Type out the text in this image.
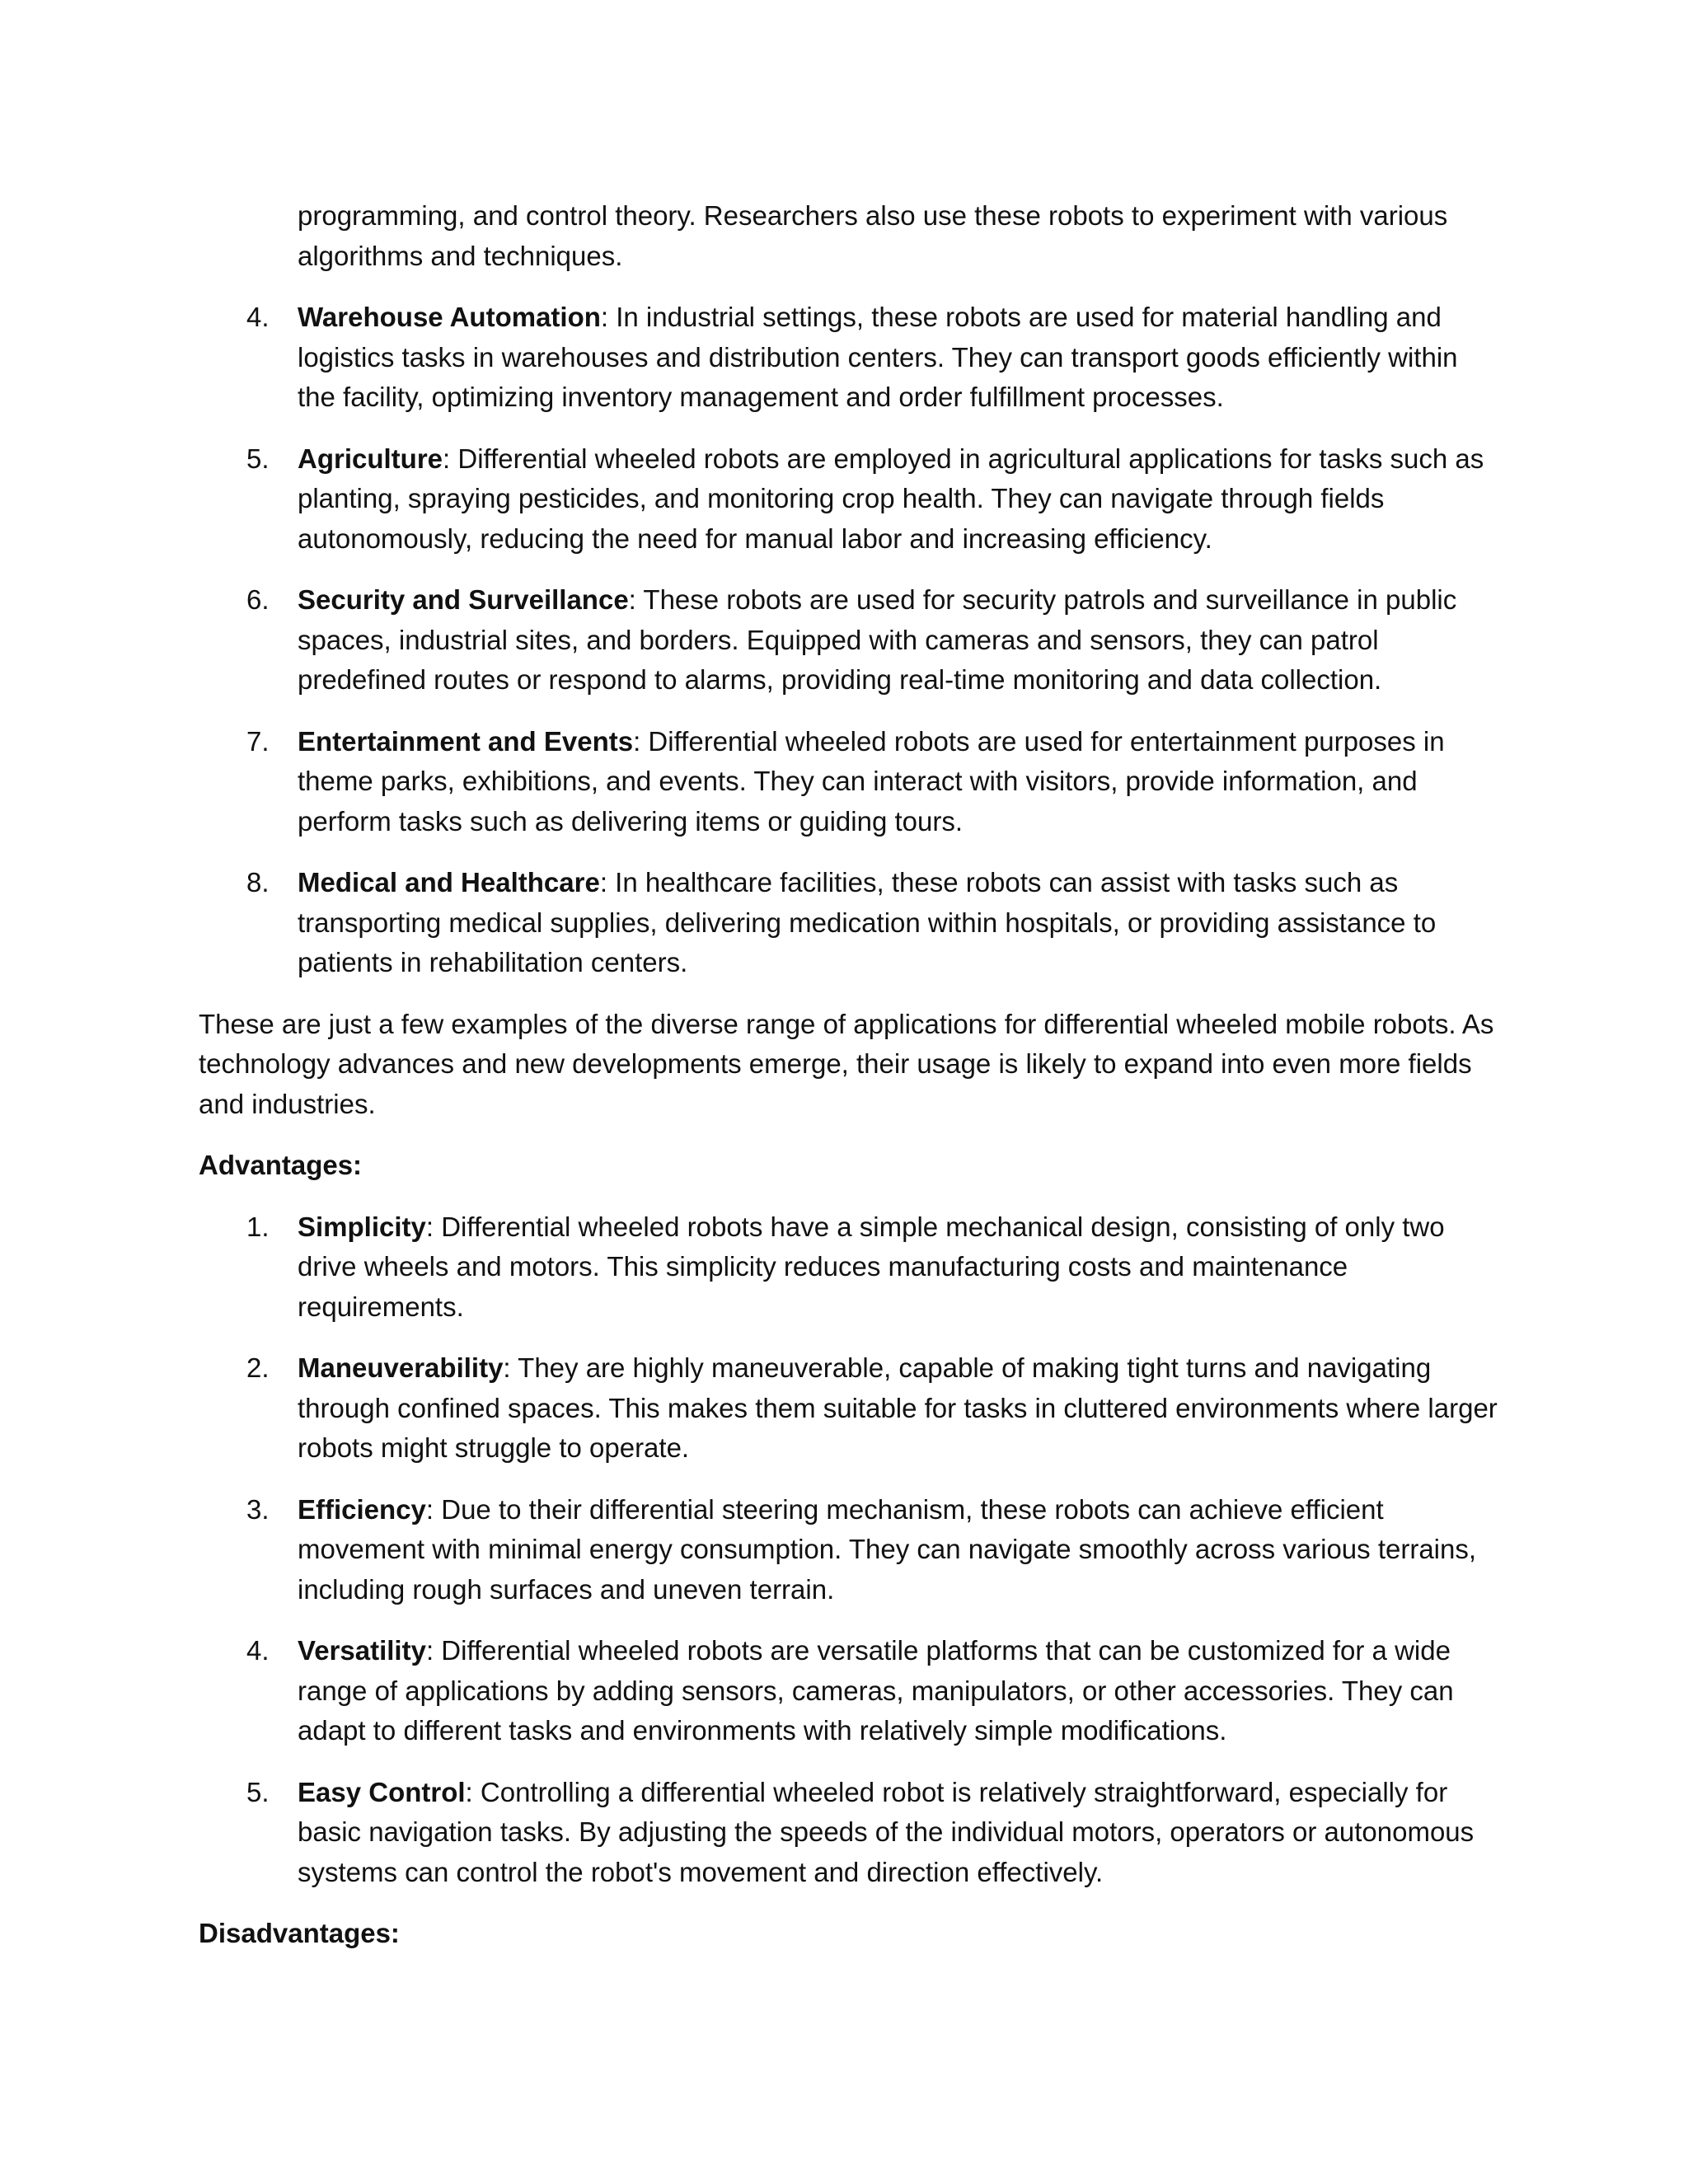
programming, and control theory. Researchers also use these robots to experiment with various algorithms and techniques.

4. Warehouse Automation: In industrial settings, these robots are used for material handling and logistics tasks in warehouses and distribution centers. They can transport goods efficiently within the facility, optimizing inventory management and order fulfillment processes.
5. Agriculture: Differential wheeled robots are employed in agricultural applications for tasks such as planting, spraying pesticides, and monitoring crop health. They can navigate through fields autonomously, reducing the need for manual labor and increasing efficiency.
6. Security and Surveillance: These robots are used for security patrols and surveillance in public spaces, industrial sites, and borders. Equipped with cameras and sensors, they can patrol predefined routes or respond to alarms, providing real-time monitoring and data collection.
7. Entertainment and Events: Differential wheeled robots are used for entertainment purposes in theme parks, exhibitions, and events. They can interact with visitors, provide information, and perform tasks such as delivering items or guiding tours.
8. Medical and Healthcare: In healthcare facilities, these robots can assist with tasks such as transporting medical supplies, delivering medication within hospitals, or providing assistance to patients in rehabilitation centers.

These are just a few examples of the diverse range of applications for differential wheeled mobile robots. As technology advances and new developments emerge, their usage is likely to expand into even more fields and industries.

Advantages:

1. Simplicity: Differential wheeled robots have a simple mechanical design, consisting of only two drive wheels and motors. This simplicity reduces manufacturing costs and maintenance requirements.
2. Maneuverability: They are highly maneuverable, capable of making tight turns and navigating through confined spaces. This makes them suitable for tasks in cluttered environments where larger robots might struggle to operate.
3. Efficiency: Due to their differential steering mechanism, these robots can achieve efficient movement with minimal energy consumption. They can navigate smoothly across various terrains, including rough surfaces and uneven terrain.
4. Versatility: Differential wheeled robots are versatile platforms that can be customized for a wide range of applications by adding sensors, cameras, manipulators, or other accessories. They can adapt to different tasks and environments with relatively simple modifications.
5. Easy Control: Controlling a differential wheeled robot is relatively straightforward, especially for basic navigation tasks. By adjusting the speeds of the individual motors, operators or autonomous systems can control the robot's movement and direction effectively.

Disadvantages:
